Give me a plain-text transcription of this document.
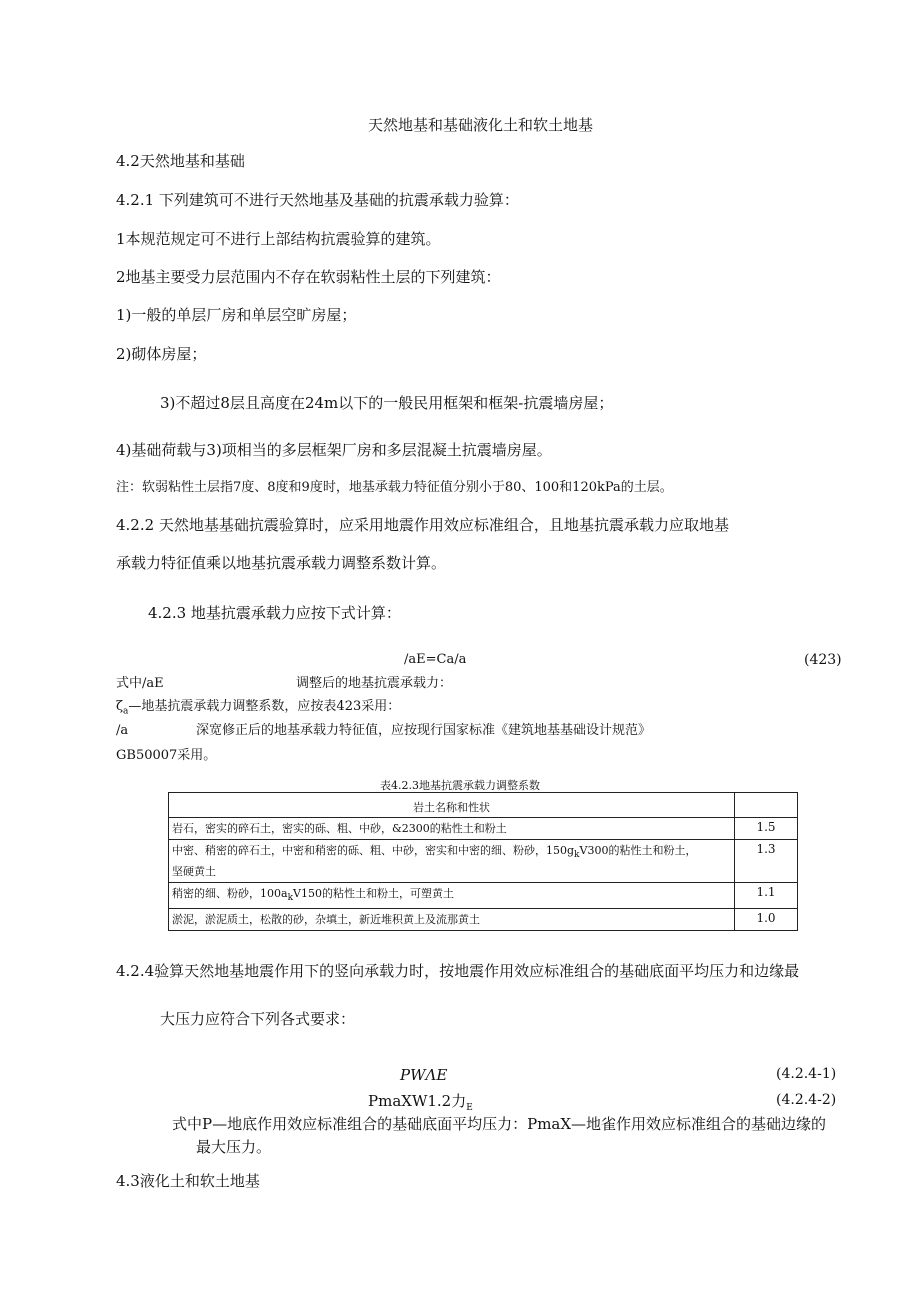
天然地基和基础液化土和软土地基
4.2天然地基和基础
4.2.1 下列建筑可不进行天然地基及基础的抗震承载力验算：
1本规范规定可不进行上部结构抗震验算的建筑。
2地基主要受力层范围内不存在软弱粘性土层的下列建筑：
1)一般的单层厂房和单层空旷房屋；
2)砌体房屋；
3)不超过8层且高度在24m以下的一般民用框架和框架-抗震墙房屋；
4)基础荷载与3)项相当的多层框架厂房和多层混凝土抗震墙房屋。
注：软弱粘性土层指7度、8度和9度时，地基承载力特征值分别小于80、100和120kPa的土层。
4.2.2 天然地基基础抗震验算时，应采用地震作用效应标准组合，且地基抗震承载力应取地基
承载力特征值乘以地基抗震承载力调整系数计算。
4.2.3 地基抗震承载力应按下式计算：
/aE=Ca/a	(423)
式中/aE	调整后的地基抗震承载力：
$\zeta_a—$地基抗震承载力调整系数，应按表423采用：
/a	深宽修正后的地基承载力特征值，应按现行国家标准《建筑地基基础设计规范》
GB50007采用。
表4.2.3地基抗震承载力调整系数
岩土名称和性状	
岩石，密实的碎石土，密实的砾、粗、中砂，&2300的粘性土和粉土	1.5
中密、稍密的碎石土，中密和稍密的砾、粗、中砂，密实和中密的细、粉砂，$150g_kV300$的粘性土和粉土，
坚硬黄土	1.3
稍密的细、粉砂，$100a_kV150$的粘性土和粉土，可塑黄土	1.1
淤泥，淤泥质土，松散的砂，杂填土，新近堆积黄上及流那黄土	1.0
4.2.4验算天然地基地震作用下的竖向承载力时，按地震作用效应标准组合的基础底面平均压力和边缘最
大压力应符合下列各式要求：
PWΛE	(4.2.4-1)
PmaXW1.2力$_E$	(4.2.4-2)
式中P—地底作用效应标准组合的基础底面平均压力：PmaX—地雀作用效应标准组合的基础边缘的
最大压力。
4.3液化土和软土地基
